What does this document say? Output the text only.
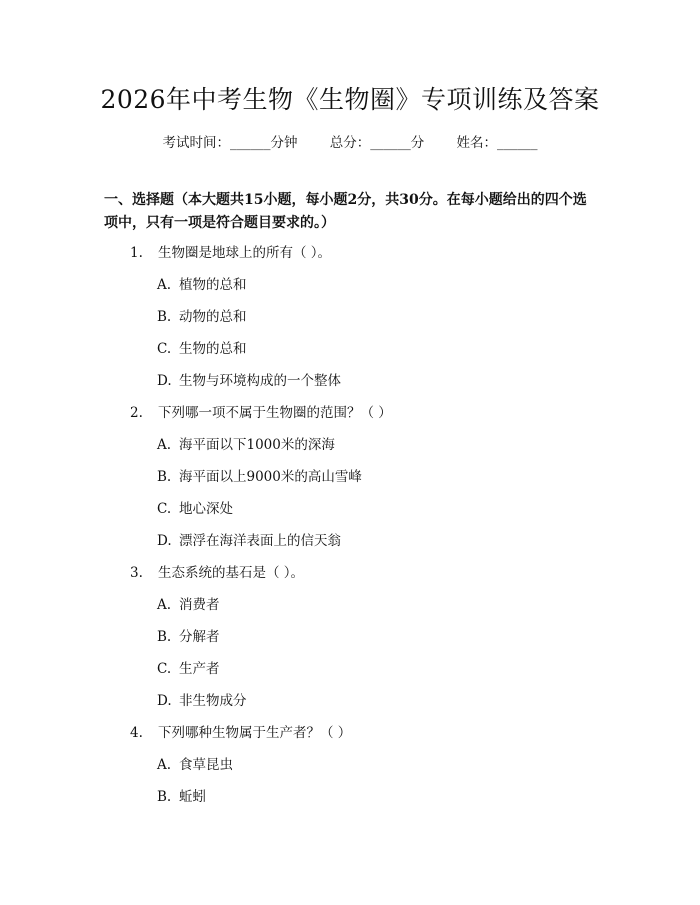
2026年中考生物《生物圈》专项训练及答案
考试时间：______分钟 总分：______分 姓名：______
一、选择题（本大题共15小题，每小题2分，共30分。在每小题给出的四个选
项中，只有一项是符合题目要求的。）
1. 生物圈是地球上的所有（ ）。
A. 植物的总和
B. 动物的总和
C. 生物的总和
D. 生物与环境构成的一个整体
2. 下列哪一项不属于生物圈的范围？（ ）
A. 海平面以下1000米的深海
B. 海平面以上9000米的高山雪峰
C. 地心深处
D. 漂浮在海洋表面上的信天翁
3. 生态系统的基石是（ ）。
A. 消费者
B. 分解者
C. 生产者
D. 非生物成分
4. 下列哪种生物属于生产者？（ ）
A. 食草昆虫
B. 蚯蚓
